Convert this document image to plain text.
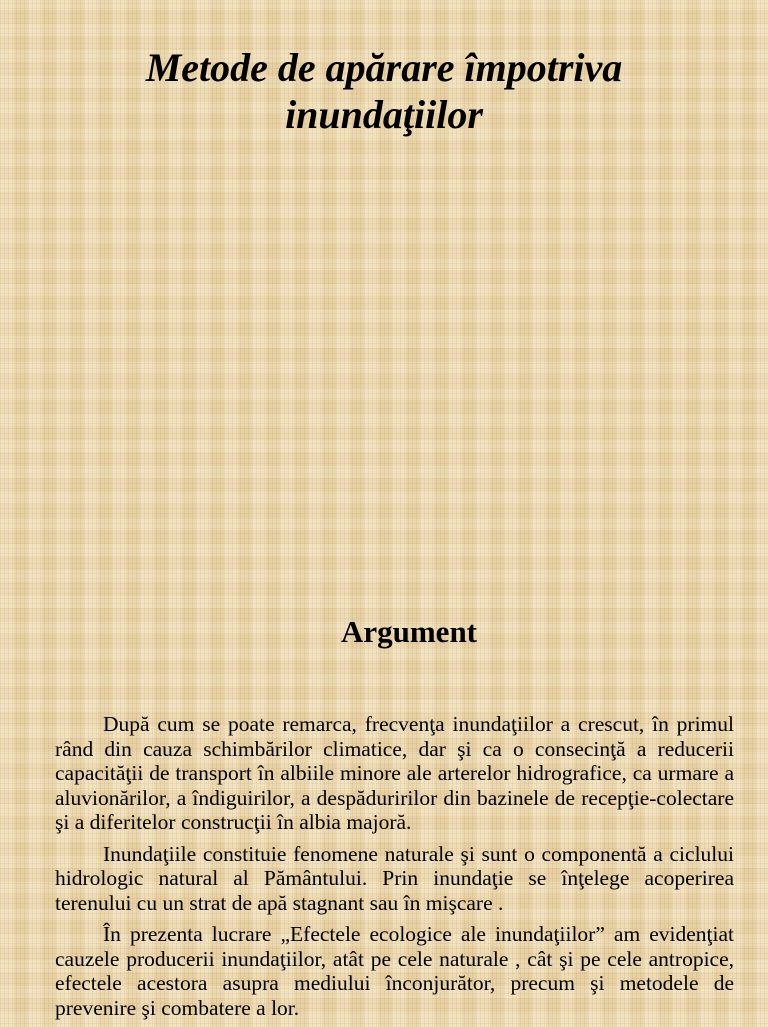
Metode de apărare împotriva
inundaţiilor
Argument

După cum se poate remarca, frecvenţa inundaţiilor a crescut, în primul rând din cauza schimbărilor climatice, dar şi ca o consecinţă a reducerii capacităţii de transport în albiile minore ale arterelor hidrografice, ca urmare a aluvionărilor, a îndiguirilor, a despăduririlor din bazinele de recepţie-colectare şi a diferitelor construcţii în albia majoră.

Inundaţiile constituie fenomene naturale şi sunt o componentă a ciclului hidrologic natural al Pământului. Prin inundaţie se înţelege acoperirea terenului cu un strat de apă stagnant sau în mişcare .

În prezenta lucrare „Efectele ecologice ale inundaţiilor” am evidenţiat cauzele producerii inundaţiilor, atât pe cele naturale , cât şi pe cele antropice, efectele acestora asupra mediului înconjurător, precum şi metodele de prevenire şi combatere a lor.
